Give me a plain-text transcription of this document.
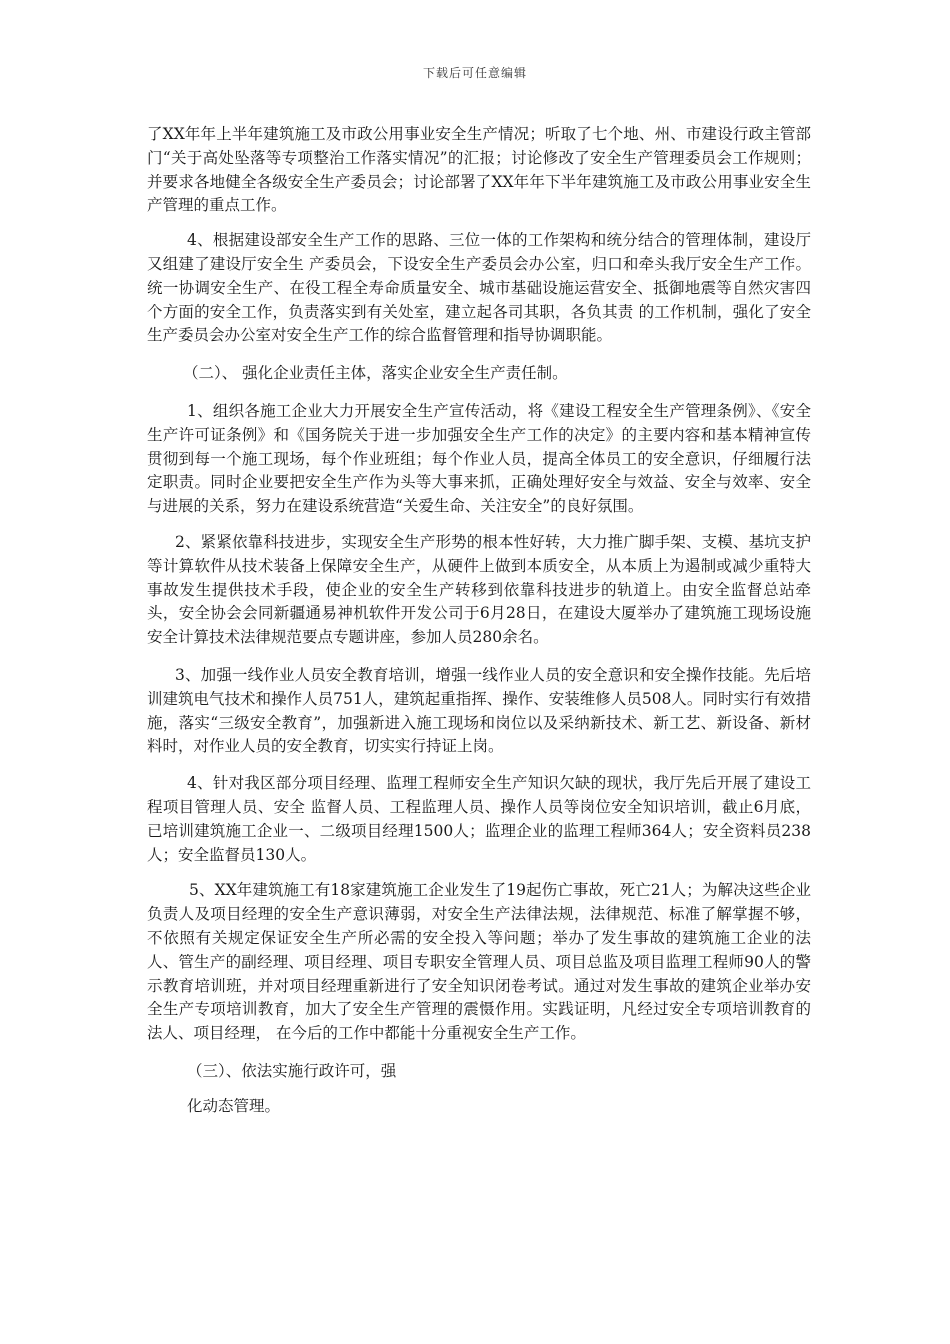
下载后可任意编辑

了XX年年上半年建筑施工及市政公用事业安全生产情况；听取了七个地、州、市建设行政主管部门“关于高处坠落等专项整治工作落实情况”的汇报；讨论修改了安全生产管理委员会工作规则；并要求各地健全各级安全生产委员会；讨论部署了XX年年下半年建筑施工及市政公用事业安全生产管理的重点工作。

4、根据建设部安全生产工作的思路、三位一体的工作架构和统分结合的管理体制，建设厅又组建了建设厅安全生 产委员会，下设安全生产委员会办公室，归口和牵头我厅安全生产工作。统一协调安全生产、在役工程全寿命质量安全、城市基础设施运营安全、抵御地震等自然灾害四个方面的安全工作，负责落实到有关处室，建立起各司其职，各负其责 的工作机制，强化了安全生产委员会办公室对安全生产工作的综合监督管理和指导协调职能。

（二）、 强化企业责任主体，落实企业安全生产责任制。

1、组织各施工企业大力开展安全生产宣传活动，将《建设工程安全生产管理条例》、《安全生产许可证条例》和《国务院关于进一步加强安全生产工作的决定》的主要内容和基本精神宣传贯彻到每一个施工现场，每个作业班组；每个作业人员，提高全体员工的安全意识，仔细履行法定职责。同时企业要把安全生产作为头等大事来抓，正确处理好安全与效益、安全与效率、安全与进展的关系，努力在建设系统营造“关爱生命、关注安全”的良好氛围。

2、紧紧依靠科技进步，实现安全生产形势的根本性好转，大力推广脚手架、支模、基坑支护等计算软件从技术装备上保障安全生产，从硬件上做到本质安全，从本质上为遏制或减少重特大事故发生提供技术手段，使企业的安全生产转移到依靠科技进步的轨道上。由安全监督总站牵头，安全协会会同新疆通易神机软件开发公司于6月28日，在建设大厦举办了建筑施工现场设施安全计算技术法律规范要点专题讲座，参加人员280余名。

3、加强一线作业人员安全教育培训，增强一线作业人员的安全意识和安全操作技能。先后培训建筑电气技术和操作人员751人，建筑起重指挥、操作、安装维修人员508人。同时实行有效措施，落实“三级安全教育”，加强新进入施工现场和岗位以及采纳新技术、新工艺、新设备、新材料时，对作业人员的安全教育，切实实行持证上岗。

4、针对我区部分项目经理、监理工程师安全生产知识欠缺的现状，我厅先后开展了建设工程项目管理人员、安全 监督人员、工程监理人员、操作人员等岗位安全知识培训，截止6月底，已培训建筑施工企业一、二级项目经理1500人；监理企业的监理工程师364人；安全资料员238人；安全监督员130人。

5、XX年建筑施工有18家建筑施工企业发生了19起伤亡事故，死亡21人；为解决这些企业负责人及项目经理的安全生产意识薄弱，对安全生产法律法规，法律规范、标准了解掌握不够，不依照有关规定保证安全生产所必需的安全投入等问题；举办了发生事故的建筑施工企业的法人、管生产的副经理、项目经理、项目专职安全管理人员、项目总监及项目监理工程师90人的警示教育培训班，并对项目经理重新进行了安全知识闭卷考试。通过对发生事故的建筑企业举办安全生产专项培训教育，加大了安全生产管理的震慑作用。实践证明，凡经过安全专项培训教育的法人、项目经理， 在今后的工作中都能十分重视安全生产工作。

（三）、依法实施行政许可，强

化动态管理。
